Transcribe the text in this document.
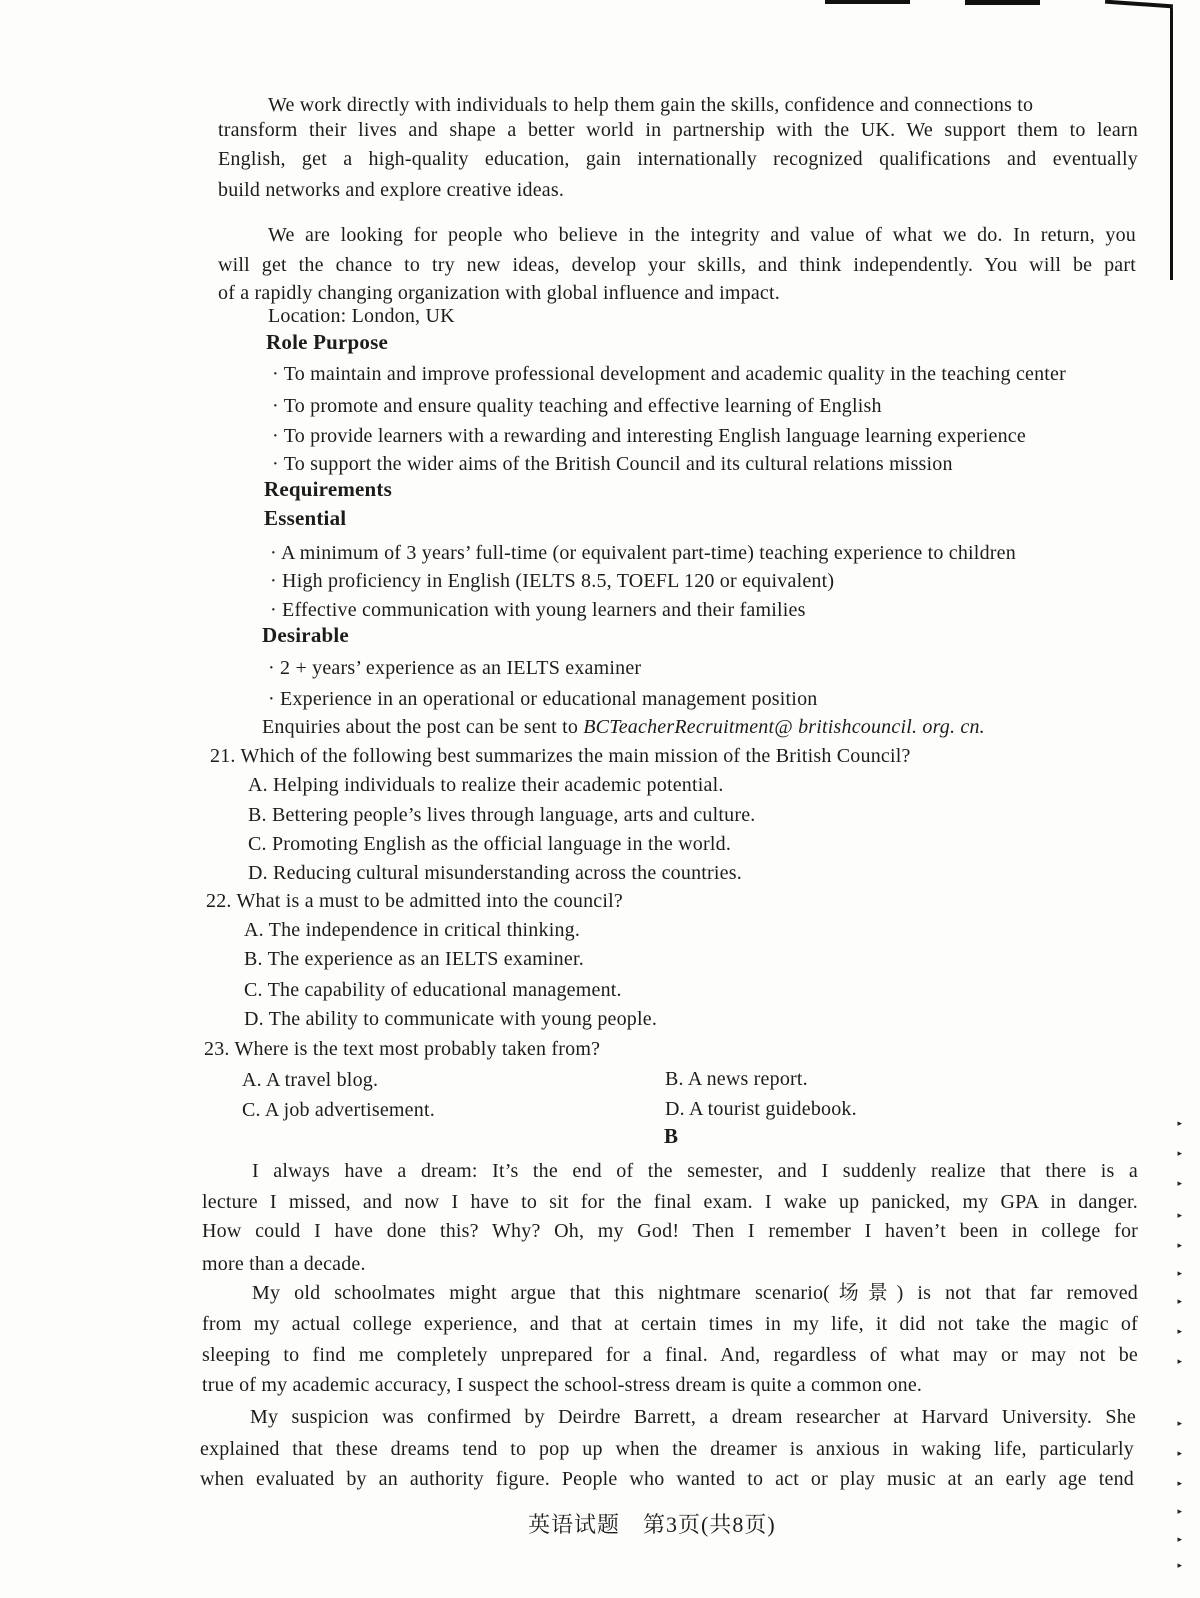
We work directly with individuals to help them gain the skills, confidence and connections to
transform their lives and shape a better world in partnership with the UK. We support them to learn
English, get a high-quality education, gain internationally recognized qualifications and eventually
build networks and explore creative ideas.
We are looking for people who believe in the integrity and value of what we do. In return, you
will get the chance to try new ideas, develop your skills, and think independently. You will be part
of a rapidly changing organization with global influence and impact.
Location: London, UK
Role Purpose
· To maintain and improve professional development and academic quality in the teaching center
· To promote and ensure quality teaching and effective learning of English
· To provide learners with a rewarding and interesting English language learning experience
· To support the wider aims of the British Council and its cultural relations mission
Requirements
Essential
· A minimum of 3 years’ full-time (or equivalent part-time) teaching experience to children
· High proficiency in English (IELTS 8.5, TOEFL 120 or equivalent)
· Effective communication with young learners and their families
Desirable
· 2 + years’ experience as an IELTS examiner
· Experience in an operational or educational management position
Enquiries about the post can be sent to BCTeacherRecruitment@ britishcouncil. org. cn.
21. Which of the following best summarizes the main mission of the British Council?
A. Helping individuals to realize their academic potential.
B. Bettering people’s lives through language, arts and culture.
C. Promoting English as the official language in the world.
D. Reducing cultural misunderstanding across the countries.
22. What is a must to be admitted into the council?
A. The independence in critical thinking.
B. The experience as an IELTS examiner.
C. The capability of educational management.
D. The ability to communicate with young people.
23. Where is the text most probably taken from?
A. A travel blog.	B. A news report.
C. A job advertisement.	D. A tourist guidebook.
B
I always have a dream: It’s the end of the semester, and I suddenly realize that there is a
lecture I missed, and now I have to sit for the final exam. I wake up panicked, my GPA in danger.
How could I have done this? Why? Oh, my God! Then I remember I haven’t been in college for
more than a decade.
My old schoolmates might argue that this nightmare scenario(场景) is not that far removed
from my actual college experience, and that at certain times in my life, it did not take the magic of
sleeping to find me completely unprepared for a final. And, regardless of what may or may not be
true of my academic accuracy, I suspect the school-stress dream is quite a common one.
My suspicion was confirmed by Deirdre Barrett, a dream researcher at Harvard University. She
explained that these dreams tend to pop up when the dreamer is anxious in waking life, particularly
when evaluated by an authority figure. People who wanted to act or play music at an early age tend
英语试题　第3页(共8页)
▸
▸
▸
▸
▸
▸
▸
▸
▸
▸
▸
▸
▸
▸
▸
